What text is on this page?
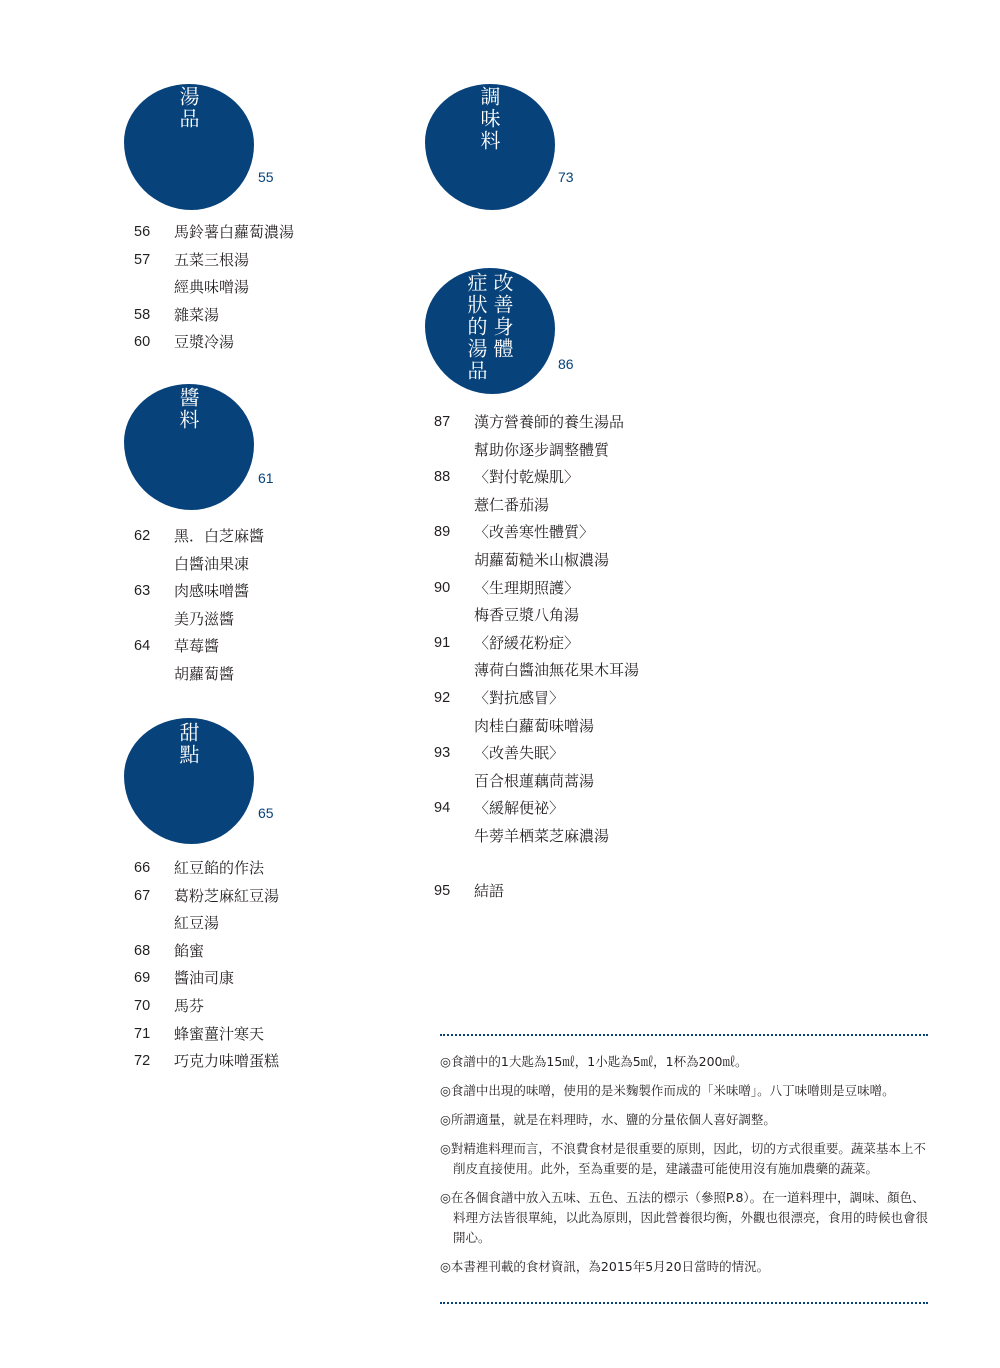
湯品
55
56	馬鈴薯白蘿蔔濃湯
57	五菜三根湯
經典味噌湯
58	雜菜湯
60	豆漿冷湯
醬料
61
62	黑．白芝麻醬
白醬油果凍
63	肉感味噌醬
美乃滋醬
64	草莓醬
胡蘿蔔醬
甜點
65
66	紅豆餡的作法
67	葛粉芝麻紅豆湯
紅豆湯
68	餡蜜
69	醬油司康
70	馬芬
71	蜂蜜薑汁寒天
72	巧克力味噌蛋糕
調味料
73
改善身體
症狀的湯品	86
87	漢方營養師的養生湯品
幫助你逐步調整體質
88	〈對付乾燥肌〉
薏仁番茄湯
89	〈改善寒性體質〉
胡蘿蔔糙米山椒濃湯
90	〈生理期照護〉
梅香豆漿八角湯
91	〈舒緩花粉症〉
薄荷白醬油無花果木耳湯
92	〈對抗感冒〉
肉桂白蘿蔔味噌湯
93	〈改善失眠〉
百合根蓮藕茼蒿湯
94	〈緩解便祕〉
牛蒡羊栖菜芝麻濃湯
95	結語
◎食譜中的1大匙為15㎖，1小匙為5㎖，1杯為200㎖。
◎食譜中出現的味噌，使用的是米麴製作而成的「米味噌」。八丁味噌則是豆味噌。
◎所謂適量，就是在料理時，水、鹽的分量依個人喜好調整。
◎對精進料理而言，不浪費食材是很重要的原則，因此，切的方式很重要。蔬菜基本上不削皮直接使用。此外，至為重要的是，建議盡可能使用沒有施加農藥的蔬菜。
◎在各個食譜中放入五味、五色、五法的標示（參照P.8）。在一道料理中，調味、顏色、料理方法皆很單純，以此為原則，因此營養很均衡，外觀也很漂亮，食用的時候也會很開心。
◎本書裡刊載的食材資訊，為2015年5月20日當時的情況。
